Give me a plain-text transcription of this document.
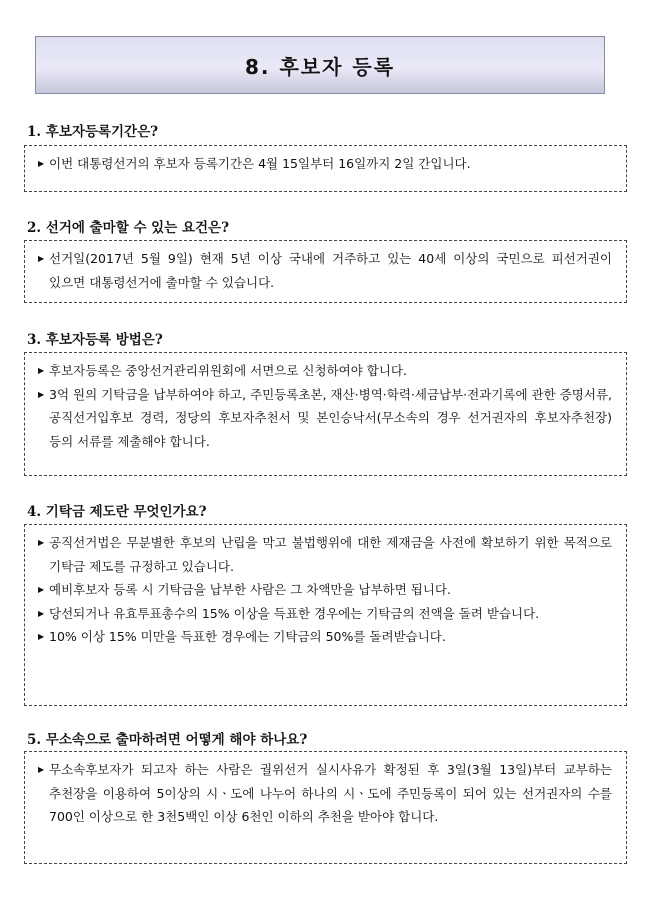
8. 후보자 등록
1. 후보자등록기간은?
▶ 이번 대통령선거의 후보자 등록기간은 4월 15일부터 16일까지 2일 간입니다.
2. 선거에 출마할 수 있는 요건은?
▶ 선거일(2017년 5월 9일) 현재 5년 이상 국내에 거주하고 있는 40세 이상의 국민으로 피선거권이 있으면 대통령선거에 출마할 수 있습니다.
3. 후보자등록 방법은?
▶ 후보자등록은 중앙선거관리위원회에 서면으로 신청하여야 합니다.
▶ 3억 원의 기탁금을 납부하여야 하고, 주민등록초본, 재산·병역·학력·세금납부·전과기록에 관한 증명서류, 공직선거입후보 경력, 정당의 후보자추천서 및 본인승낙서(무소속의 경우 선거권자의 후보자추천장) 등의 서류를 제출해야 합니다.
4. 기탁금 제도란 무엇인가요?
▶ 공직선거법은 무분별한 후보의 난립을 막고 불법행위에 대한 제재금을 사전에 확보하기 위한 목적으로 기탁금 제도를 규정하고 있습니다.
▶ 예비후보자 등록 시 기탁금을 납부한 사람은 그 차액만을 납부하면 됩니다.
▶ 당선되거나 유효투표총수의 15% 이상을 득표한 경우에는 기탁금의 전액을 돌려 받습니다.
▶ 10% 이상 15% 미만을 득표한 경우에는 기탁금의 50%를 돌려받습니다.
5. 무소속으로 출마하려면 어떻게 해야 하나요?
▶ 무소속후보자가 되고자 하는 사람은 궐위선거 실시사유가 확정된 후 3일(3월 13일)부터 교부하는 추천장을 이용하여 5이상의 시ㆍ도에 나누어 하나의 시ㆍ도에 주민등록이 되어 있는 선거권자의 수를 700인 이상으로 한 3천5백인 이상 6천인 이하의 추천을 받아야 합니다.
